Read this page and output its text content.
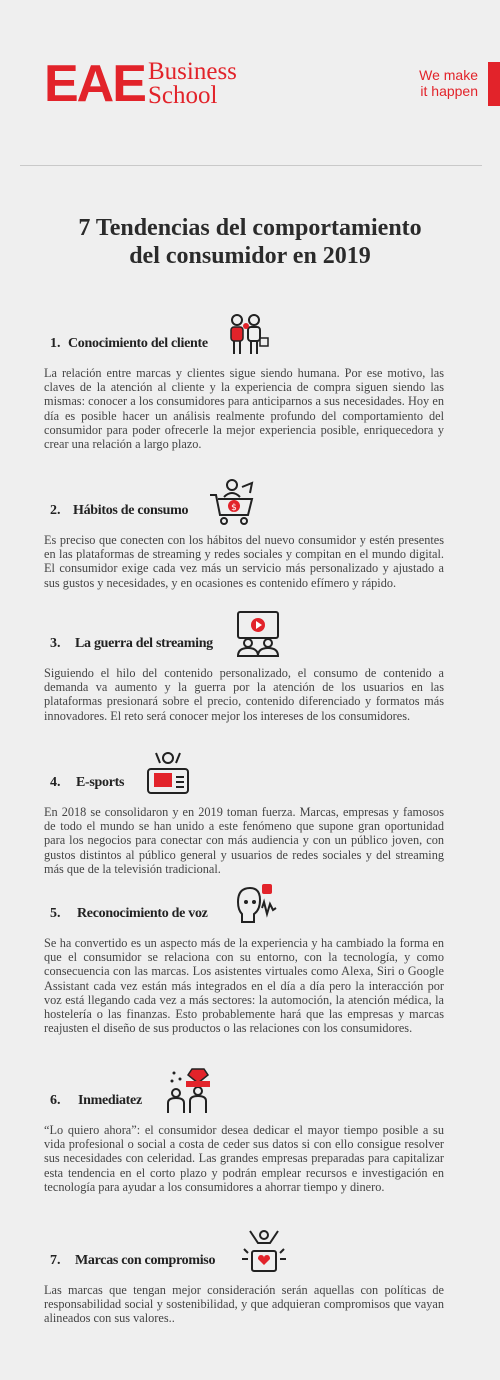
EAE Business
School
We make
it happen
7 Tendencias del comportamiento
del consumidor en 2019
1. Conocimiento del cliente
La relación entre marcas y clientes sigue siendo humana. Por ese motivo, las claves de la atención al cliente y la experiencia de compra siguen siendo las mismas: conocer a los consumidores para anticiparnos a sus necesidades. Hoy en día es posible hacer un análisis realmente profundo del comportamiento del consumidor para poder ofrecerle la mejor experiencia posible, enriquecedora y crear una relación a largo plazo.
2. Hábitos de consumo	$
Es preciso que conecten con los hábitos del nuevo consumidor y estén presentes en las plataformas de streaming y redes sociales y compitan en el mundo digital. El consumidor exige cada vez más un servicio más personalizado y ajustado a sus gustos y necesidades, y en ocasiones es contenido efímero y rápido.
3. La guerra del streaming
Siguiendo el hilo del contenido personalizado, el consumo de contenido a demanda va aumento y la guerra por la atención de los usuarios en las plataformas presionará sobre el precio, contenido diferenciado y formatos más innovadores. El reto será conocer mejor los intereses de los consumidores.
4. E-sports
En 2018 se consolidaron y en 2019 toman fuerza. Marcas, empresas y famosos de todo el mundo se han unido a este fenómeno que supone gran oportunidad para los negocios para conectar con más audiencia y con un público joven, con gustos distintos al público general y usuarios de redes sociales y del streaming más que de la televisión tradicional.
5. Reconocimiento de voz
Se ha convertido es un aspecto más de la experiencia y ha cambiado la forma en que el consumidor se relaciona con su entorno, con la tecnología, y como consecuencia con las marcas. Los asistentes virtuales como Alexa, Siri o Google Assistant cada vez están más integrados en el día a día pero la interacción por voz está llegando cada vez a más sectores: la automoción, la atención médica, la hostelería o las finanzas. Esto probablemente hará que las empresas y marcas reajusten el diseño de sus productos o las relaciones con los consumidores.
6. Inmediatez
“Lo quiero ahora”: el consumidor desea dedicar el mayor tiempo posible a su vida profesional o social a costa de ceder sus datos si con ello consigue resolver sus necesidades con celeridad. Las grandes empresas preparadas para capitalizar esta tendencia en el corto plazo y podrán emplear recursos e investigación en tecnología para ayudar a los consumidores a ahorrar tiempo y dinero.
7. Marcas con compromiso
Las marcas que tengan mejor consideración serán aquellas con políticas de responsabilidad social y sostenibilidad, y que adquieran compromisos que vayan alineados con sus valores..
